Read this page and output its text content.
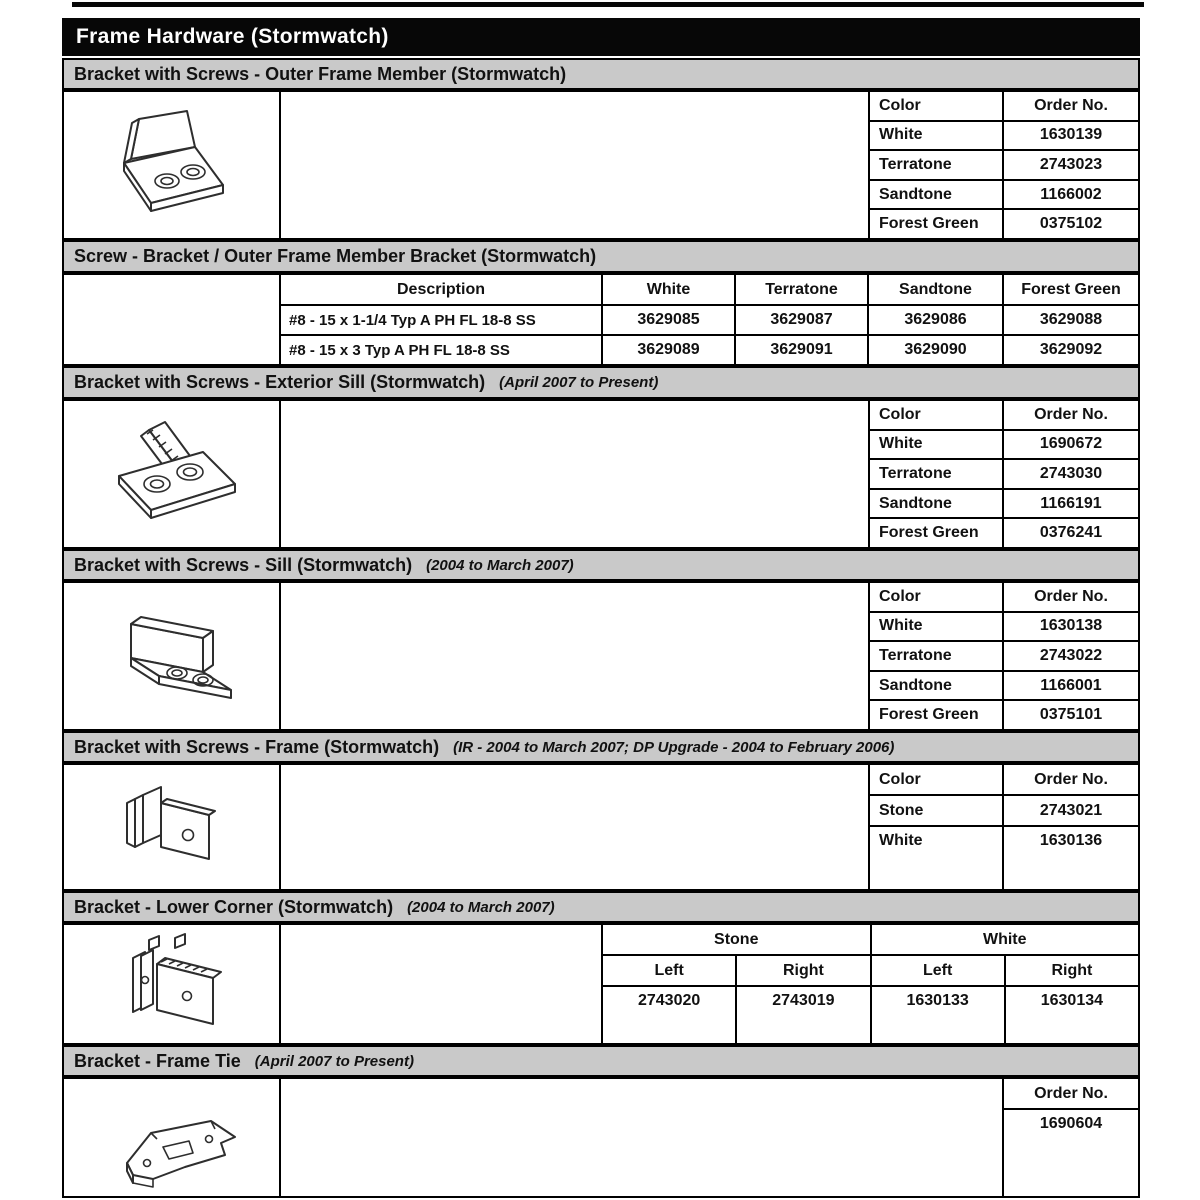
Frame Hardware (Stormwatch)
Bracket with Screws - Outer Frame Member (Stormwatch)
Color	Order No.
White	1630139
Terratone	2743023
Sandtone	1166002
Forest Green	0375102
Screw - Bracket / Outer Frame Member Bracket (Stormwatch)
Description	White	Terratone	Sandtone	Forest Green
#8 - 15 x 1-1/4 Typ A PH FL 18-8 SS	3629085	3629087	3629086	3629088
#8 - 15 x 3 Typ A PH FL 18-8 SS	3629089	3629091	3629090	3629092
Bracket with Screws - Exterior Sill (Stormwatch) (April 2007 to Present)
Color	Order No.
White	1690672
Terratone	2743030
Sandtone	1166191
Forest Green	0376241
Bracket with Screws - Sill (Stormwatch) (2004 to March 2007)
Color	Order No.
White	1630138
Terratone	2743022
Sandtone	1166001
Forest Green	0375101
Bracket with Screws - Frame (Stormwatch) (IR - 2004 to March 2007; DP Upgrade - 2004 to February 2006)
Color	Order No.
Stone	2743021
White	1630136
Bracket - Lower Corner (Stormwatch) (2004 to March 2007)
Stone	White
Left	Right	Left	Right
2743020	2743019	1630133	1630134
Bracket - Frame Tie (April 2007 to Present)
Order No.
1690604
